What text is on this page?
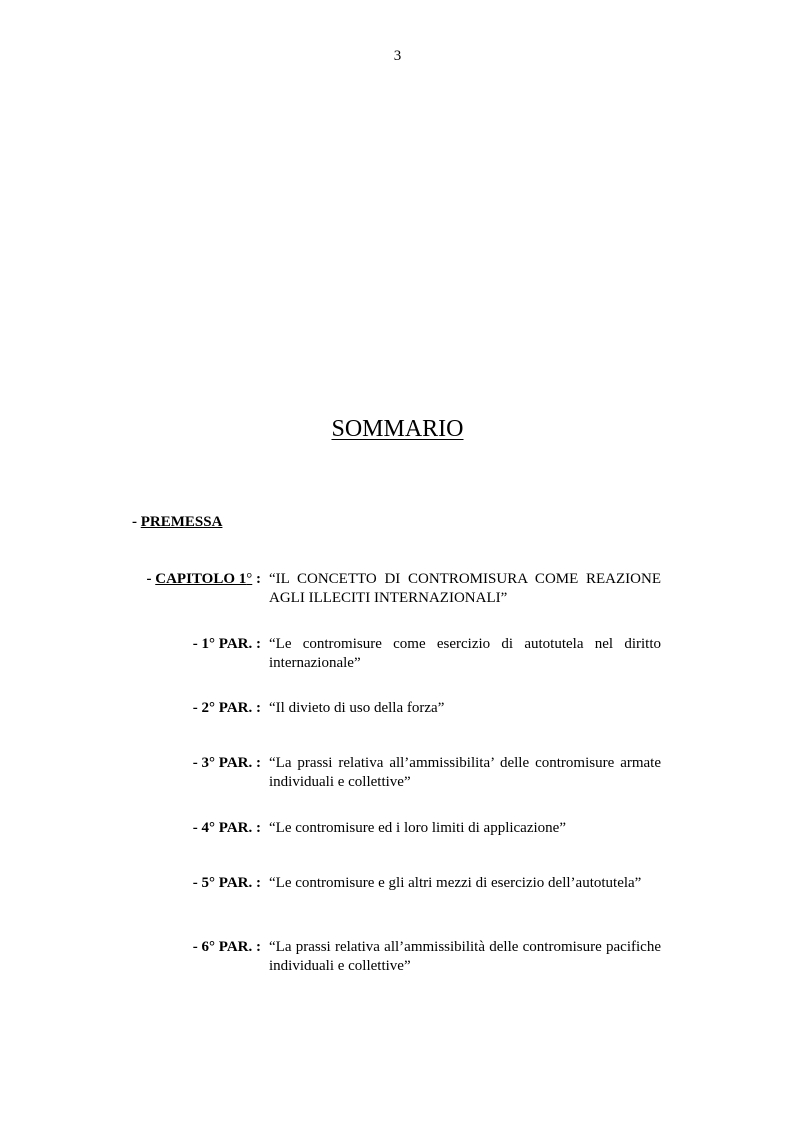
3
SOMMARIO
- PREMESSA
- CAPITOLO 1° : “IL CONCETTO DI CONTROMISURA COME REAZIONE AGLI ILLECITI INTERNAZIONALI”
- 1° PAR. : “Le contromisure come esercizio di autotutela nel diritto internazionale”
- 2° PAR. : “Il divieto di uso della forza”
- 3° PAR. : “La prassi relativa all’ammissibilita’ delle contromisure armate individuali e collettive”
- 4° PAR. : “Le contromisure ed i loro limiti di applicazione”
- 5° PAR. : “Le contromisure e gli altri mezzi di esercizio dell’autotutela”
- 6° PAR. : “La prassi relativa all’ammissibilità delle contromisure pacifiche individuali e collettive”
